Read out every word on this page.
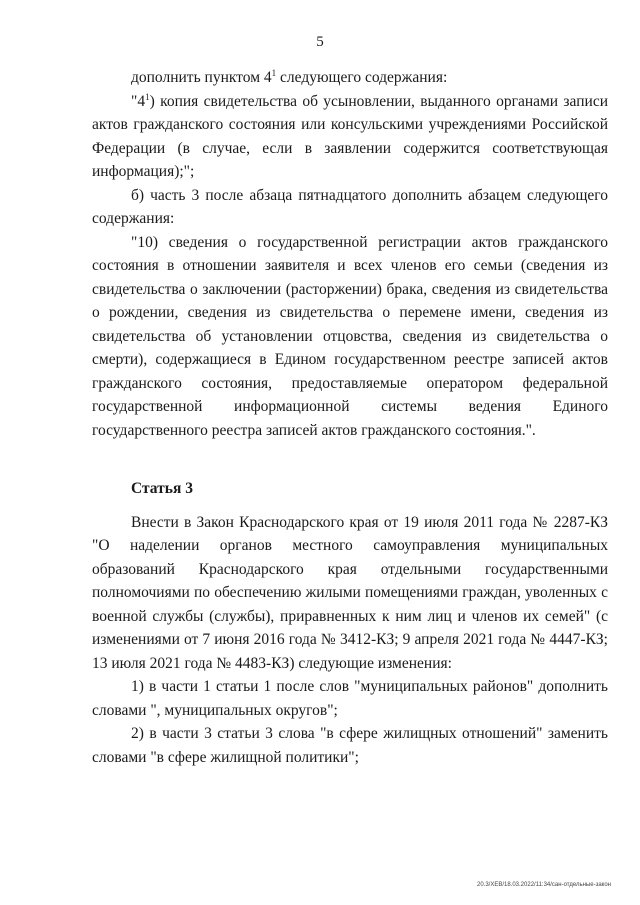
5

дополнить пунктом $4^1$ следующего содержания:

"$4^1$) копия свидетельства об усыновлении, выданного органами записи актов гражданского состояния или консульскими учреждениями Российской Федерации (в случае, если в заявлении содержится соответствующая информация);";

б) часть 3 после абзаца пятнадцатого дополнить абзацем следующего содержания:

"10) сведения о государственной регистрации актов гражданского состояния в отношении заявителя и всех членов его семьи (сведения из свидетельства о заключении (расторжении) брака, сведения из свидетельства о рождении, сведения из свидетельства о перемене имени, сведения из свидетельства об установлении отцовства, сведения из свидетельства о смерти), содержащиеся в Едином государственном реестре записей актов гражданского состояния, предоставляемые оператором федеральной государственной информационной системы ведения Единого государственного реестра записей актов гражданского состояния.".

Статья 3

Внести в Закон Краснодарского края от 19 июля 2011 года № 2287-КЗ "О наделении органов местного самоуправления муниципальных образований Краснодарского края отдельными государственными полномочиями по обеспечению жилыми помещениями граждан, уволенных с военной службы (службы), приравненных к ним лиц и членов их семей" (с изменениями от 7 июня 2016 года № 3412-КЗ; 9 апреля 2021 года № 4447-КЗ; 13 июля 2021 года № 4483-КЗ) следующие изменения:

1) в части 1 статьи 1 после слов "муниципальных районов" дополнить словами ", муниципальных округов";

2) в части 3 статьи 3 слова "в сфере жилищных отношений" заменить словами "в сфере жилищной политики";

20.3/XEB/18.03.2022/11:34/сан-отдельные-закон
